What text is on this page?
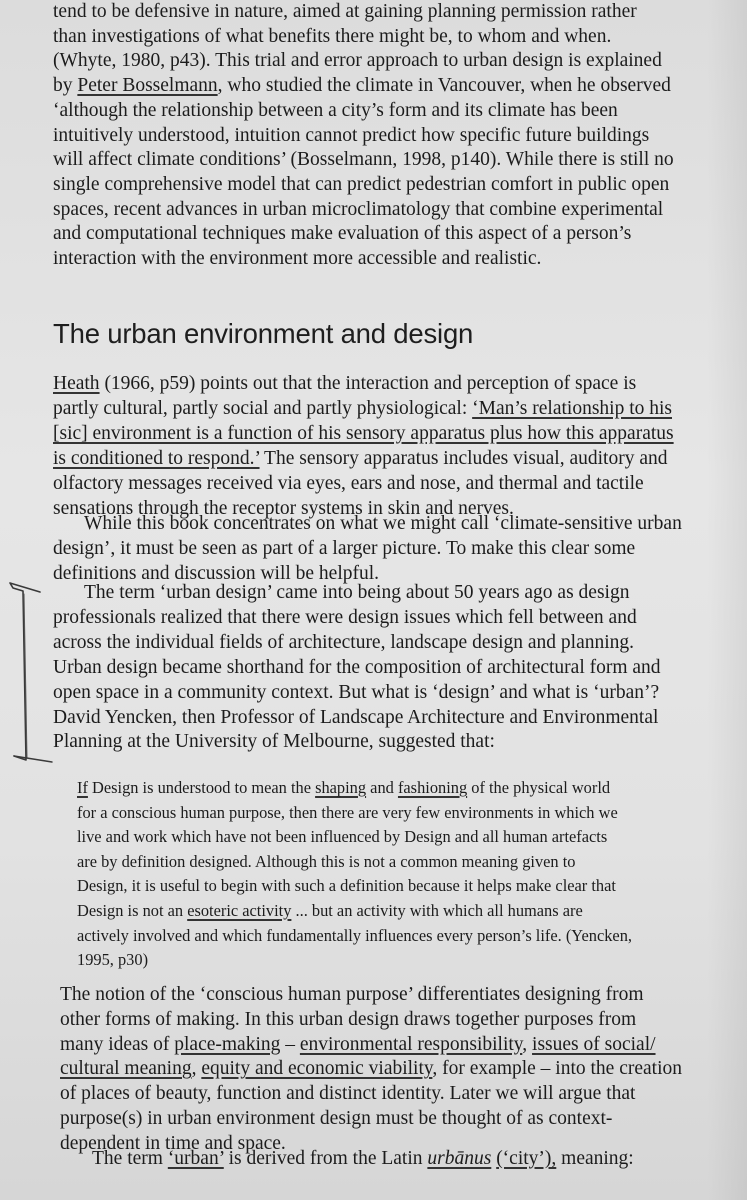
tend to be defensive in nature, aimed at gaining planning permission rather
than investigations of what benefits there might be, to whom and when.
(Whyte, 1980, p43). This trial and error approach to urban design is explained
by Peter Bosselmann, who studied the climate in Vancouver, when he observed
‘although the relationship between a city’s form and its climate has been
intuitively understood, intuition cannot predict how specific future buildings
will affect climate conditions’ (Bosselmann, 1998, p140). While there is still no
single comprehensive model that can predict pedestrian comfort in public open
spaces, recent advances in urban microclimatology that combine experimental
and computational techniques make evaluation of this aspect of a person’s
interaction with the environment more accessible and realistic.
The urban environment and design
Heath (1966, p59) points out that the interaction and perception of space is
partly cultural, partly social and partly physiological: ‘Man’s relationship to his
[sic] environment is a function of his sensory apparatus plus how this apparatus
is conditioned to respond.’ The sensory apparatus includes visual, auditory and
olfactory messages received via eyes, ears and nose, and thermal and tactile
sensations through the receptor systems in skin and nerves.
While this book concentrates on what we might call ‘climate-sensitive urban
design’, it must be seen as part of a larger picture. To make this clear some
definitions and discussion will be helpful.
The term ‘urban design’ came into being about 50 years ago as design
professionals realized that there were design issues which fell between and
across the individual fields of architecture, landscape design and planning.
Urban design became shorthand for the composition of architectural form and
open space in a community context. But what is ‘design’ and what is ‘urban’?
David Yencken, then Professor of Landscape Architecture and Environmental
Planning at the University of Melbourne, suggested that:
If Design is understood to mean the shaping and fashioning of the physical world
for a conscious human purpose, then there are very few environments in which we
live and work which have not been influenced by Design and all human artefacts
are by definition designed. Although this is not a common meaning given to
Design, it is useful to begin with such a definition because it helps make clear that
Design is not an esoteric activity ... but an activity with which all humans are
actively involved and which fundamentally influences every person’s life. (Yencken,
1995, p30)
The notion of the ‘conscious human purpose’ differentiates designing from
other forms of making. In this urban design draws together purposes from
many ideas of place-making – environmental responsibility, issues of social/
cultural meaning, equity and economic viability, for example – into the creation
of places of beauty, function and distinct identity. Later we will argue that
purpose(s) in urban environment design must be thought of as context-
dependent in time and space.
The term ‘urban’ is derived from the Latin urbānus (‘city’), meaning:
